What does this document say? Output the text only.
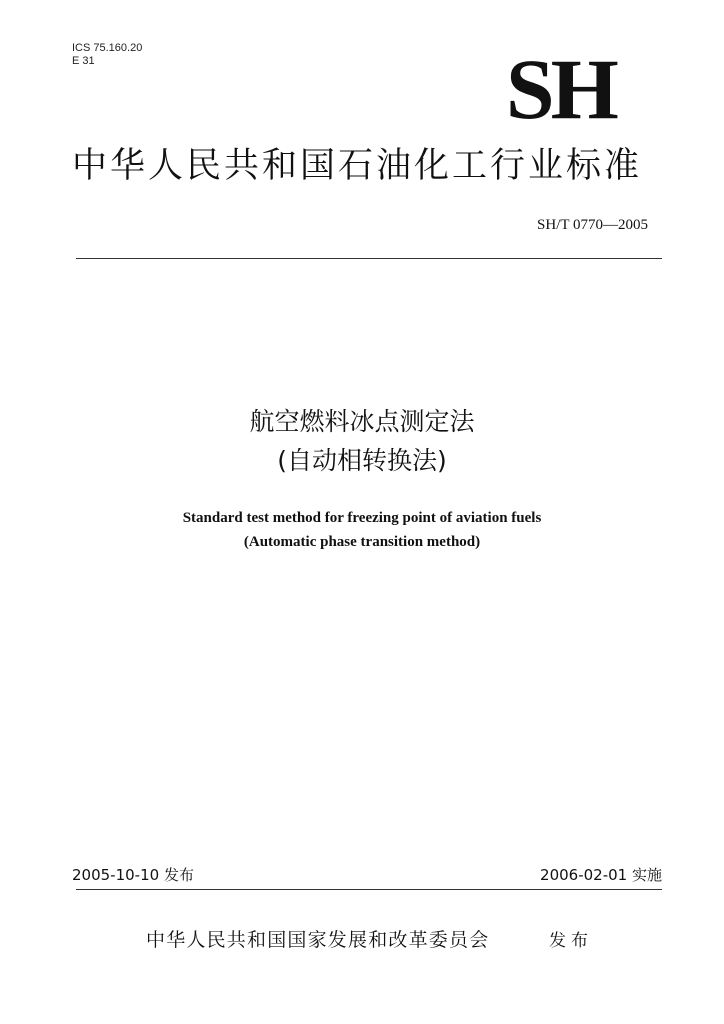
ICS 75.160.20
E 31	SH
中华人民共和国石油化工行业标准
SH/T 0770—2005
航空燃料冰点测定法
(自动相转换法)
Standard test method for freezing point of aviation fuels
(Automatic phase transition method)
2005-10-10 发布	2006-02-01 实施
中华人民共和国国家发展和改革委员会	发布
